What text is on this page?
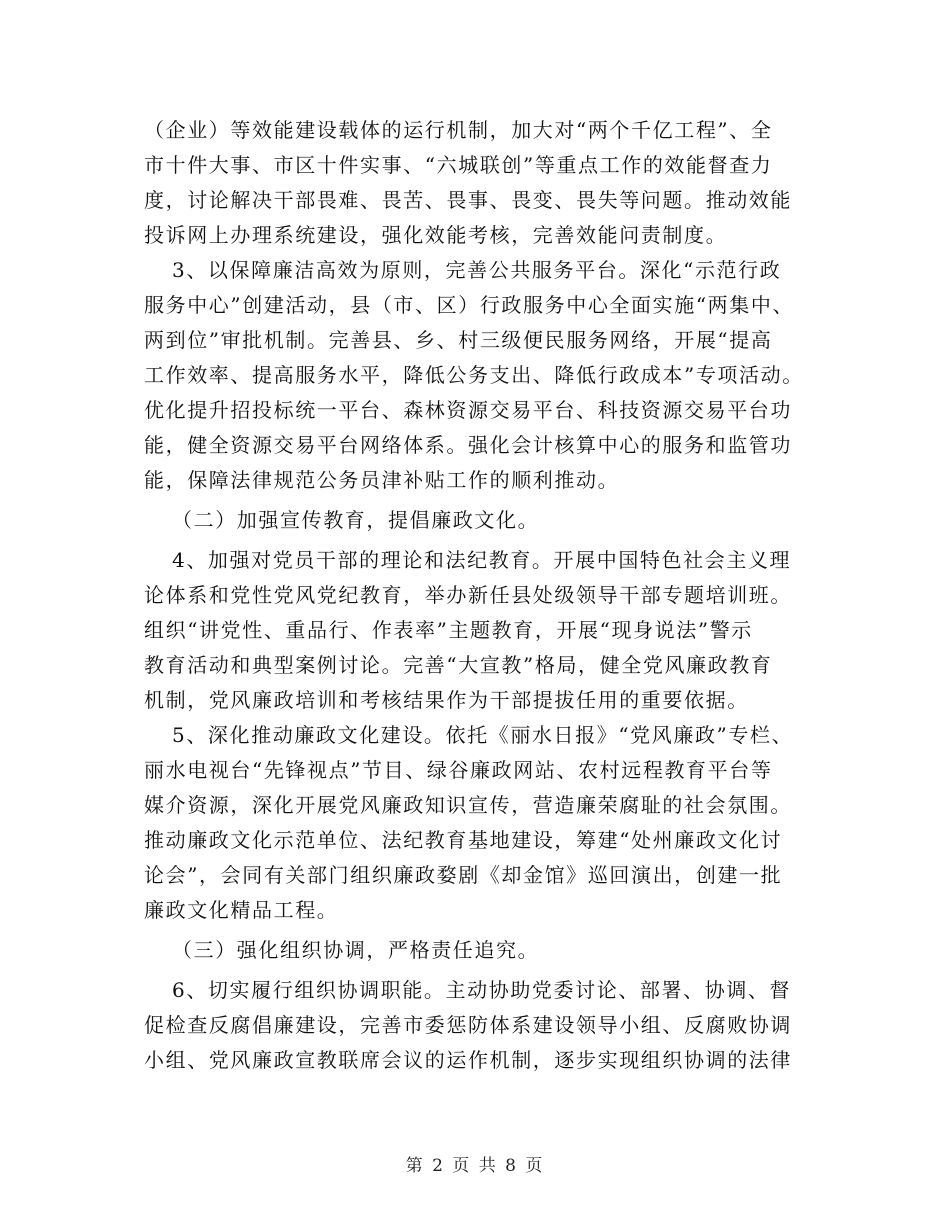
（企业）等效能建设载体的运行机制，加大对“两个千亿工程”、全
市十件大事、市区十件实事、“六城联创”等重点工作的效能督查力
度，讨论解决干部畏难、畏苦、畏事、畏变、畏失等问题。推动效能
投诉网上办理系统建设，强化效能考核，完善效能问责制度。
3、以保障廉洁高效为原则，完善公共服务平台。深化“示范行政
服务中心”创建活动，县（市、区）行政服务中心全面实施“两集中、
两到位”审批机制。完善县、乡、村三级便民服务网络，开展“提高
工作效率、提高服务水平，降低公务支出、降低行政成本”专项活动。
优化提升招投标统一平台、森林资源交易平台、科技资源交易平台功
能，健全资源交易平台网络体系。强化会计核算中心的服务和监管功
能，保障法律规范公务员津补贴工作的顺利推动。
（二）加强宣传教育，提倡廉政文化。
4、加强对党员干部的理论和法纪教育。开展中国特色社会主义理
论体系和党性党风党纪教育，举办新任县处级领导干部专题培训班。
组织“讲党性、重品行、作表率”主题教育，开展“现身说法”警示
教育活动和典型案例讨论。完善“大宣教”格局，健全党风廉政教育
机制，党风廉政培训和考核结果作为干部提拔任用的重要依据。
5、深化推动廉政文化建设。依托《丽水日报》“党风廉政”专栏、
丽水电视台“先锋视点”节目、绿谷廉政网站、农村远程教育平台等
媒介资源，深化开展党风廉政知识宣传，营造廉荣腐耻的社会氛围。
推动廉政文化示范单位、法纪教育基地建设，筹建“处州廉政文化讨
论会”，会同有关部门组织廉政婺剧《却金馆》巡回演出，创建一批
廉政文化精品工程。
（三）强化组织协调，严格责任追究。
6、切实履行组织协调职能。主动协助党委讨论、部署、协调、督
促检查反腐倡廉建设，完善市委惩防体系建设领导小组、反腐败协调
小组、党风廉政宣教联席会议的运作机制，逐步实现组织协调的法律
第 2 页 共 8 页
